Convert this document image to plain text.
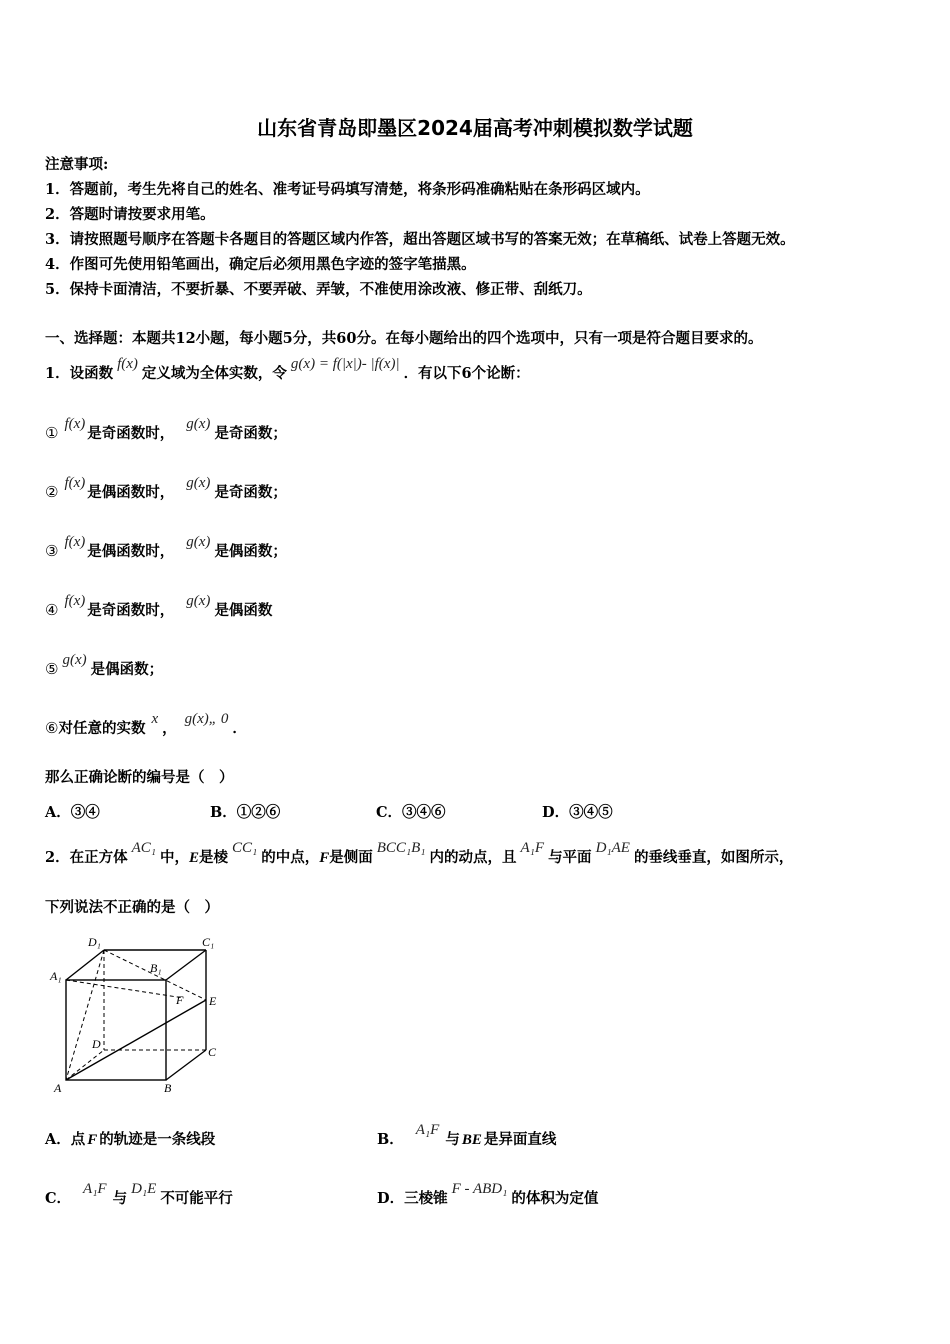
山东省青岛即墨区2024届高考冲刺模拟数学试题
注意事项:
1．答题前，考生先将自己的姓名、准考证号码填写清楚，将条形码准确粘贴在条形码区域内。
2．答题时请按要求用笔。
3．请按照题号顺序在答题卡各题目的答题区域内作答，超出答题区域书写的答案无效；在草稿纸、试卷上答题无效。
4．作图可先使用铅笔画出，确定后必须用黑色字迹的签字笔描黑。
5．保持卡面清洁，不要折暴、不要弄破、弄皱，不准使用涂改液、修正带、刮纸刀。
一、选择题：本题共12小题，每小题5分，共60分。在每小题给出的四个选项中，只有一项是符合题目要求的。
1．设函数
f(x)
定义域为全体实数，令
g(x) = f(|x|)- |f(x)|
．有以下6个论断：
① f(x)
是奇函数时，
g(x)
是奇函数；
② f(x)
是偶函数时，
g(x)
是奇函数；
③ f(x)
是偶函数时，
g(x)
是偶函数；
④ f(x)
是奇函数时，
g(x)
是偶函数
⑤ g(x)
是偶函数；
⑥ 对任意的实数
x
，
g(x)„ 0
．
那么正确论断的编号是（　）
A．③④	B．①②⑥	C．③④⑥	D．③④⑤
2．在正方体
AC₁
中， E 是棱
CC₁
的中点， F 是侧面
BCC₁B₁
内的动点，且
A₁F
与平面
D₁AE
的垂线垂直，如图所示，
下列说法不正确的是（　）
D₁	C₁
B₁
A₁
F E
D
C
A	B
A．点 F 的轨迹是一条线段	B．
A₁F
与 BE 是异面直线
C．
A₁F
与
D₁E
不可能平行	D．三棱锥
F - ABD₁
的体积为定值
